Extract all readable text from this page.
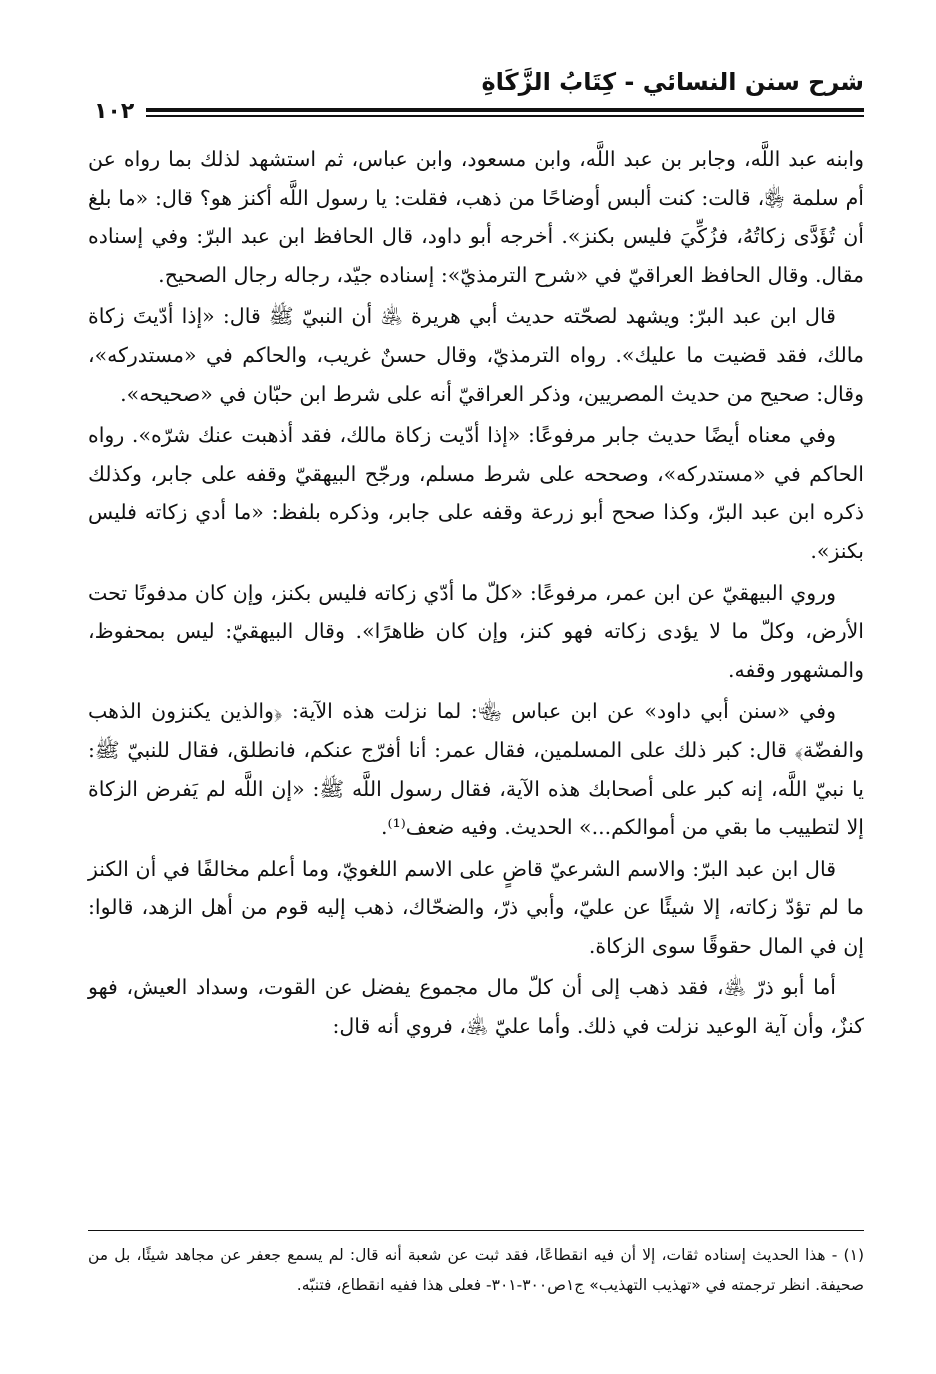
شرح سنن النسائي - كِتَابُ الزَّكَاةِ
١٠٢

وابنه عبد اللَّه، وجابر بن عبد اللَّه، وابن مسعود، وابن عباس، ثم استشهد لذلك بما رواه عن أم سلمة ﵂، قالت: كنت ألبس أوضاحًا من ذهب، فقلت: يا رسول اللَّه أكنز هو؟ قال: «ما بلغ أن تُؤَدَّى زكاتُهُ، فزُكِّيَ فليس بكنز». أخرجه أبو داود، قال الحافظ ابن عبد البرّ: وفي إسناده مقال. وقال الحافظ العراقيّ في «شرح الترمذيّ»: إسناده جيّد، رجاله رجال الصحيح.

قال ابن عبد البرّ: ويشهد لصحّته حديث أبي هريرة ﵁ أن النبيّ ﷺ قال: «إذا أدّيتَ زكاة مالك، فقد قضيت ما عليك». رواه الترمذيّ، وقال حسنٌ غريب، والحاكم في «مستدركه»، وقال: صحيح من حديث المصريين، وذكر العراقيّ أنه على شرط ابن حبّان في «صحيحه».

وفي معناه أيضًا حديث جابر مرفوعًا: «إذا أدّيت زكاة مالك، فقد أذهبت عنك شرّه». رواه الحاكم في «مستدركه»، وصححه على شرط مسلم، ورجّح البيهقيّ وقفه على جابر، وكذلك ذكره ابن عبد البرّ، وكذا صحح أبو زرعة وقفه على جابر، وذكره بلفظ: «ما أدي زكاته فليس بكنز».

وروي البيهقيّ عن ابن عمر، مرفوعًا: «كلّ ما أدّي زكاته فليس بكنز، وإن كان مدفونًا تحت الأرض، وكلّ ما لا يؤدى زكاته فهو كنز، وإن كان ظاهرًا». وقال البيهقيّ: ليس بمحفوظ، والمشهور وقفه.

وفي «سنن أبي داود» عن ابن عباس ﵄: لما نزلت هذه الآية: ﴿والذين يكنزون الذهب والفضّة﴾ قال: كبر ذلك على المسلمين، فقال عمر: أنا أفرّج عنكم، فانطلق، فقال للنبيّ ﷺ: يا نبيّ اللَّه، إنه كبر على أصحابك هذه الآية، فقال رسول اللَّه ﷺ: «إن اللَّه لم يَفرض الزكاة إلا لتطييب ما بقي من أموالكم...» الحديث. وفيه ضعف⁽¹⁾.

قال ابن عبد البرّ: والاسم الشرعيّ قاضٍ على الاسم اللغويّ، وما أعلم مخالفًا في أن الكنز ما لم تؤدّ زكاته، إلا شيئًا عن عليّ، وأبي ذرّ، والضحّاك، ذهب إليه قوم من أهل الزهد، قالوا: إن في المال حقوقًا سوى الزكاة.

أما أبو ذرّ ﵁، فقد ذهب إلى أن كلّ مال مجموع يفضل عن القوت، وسداد العيش، فهو كنزٌ، وأن آية الوعيد نزلت في ذلك. وأما عليّ ﵁، فروي أنه قال:

(١) - هذا الحديث إسناده ثقات، إلا أن فيه انقطاعًا، فقد ثبت عن شعبة أنه قال: لم يسمع جعفر عن مجاهد شيئًا، بل من صحيفة. انظر ترجمته في «تهذيب التهذيب» ج١ص٣٠٠-٣٠١- فعلى هذا ففيه انقطاع، فتنبّه.
